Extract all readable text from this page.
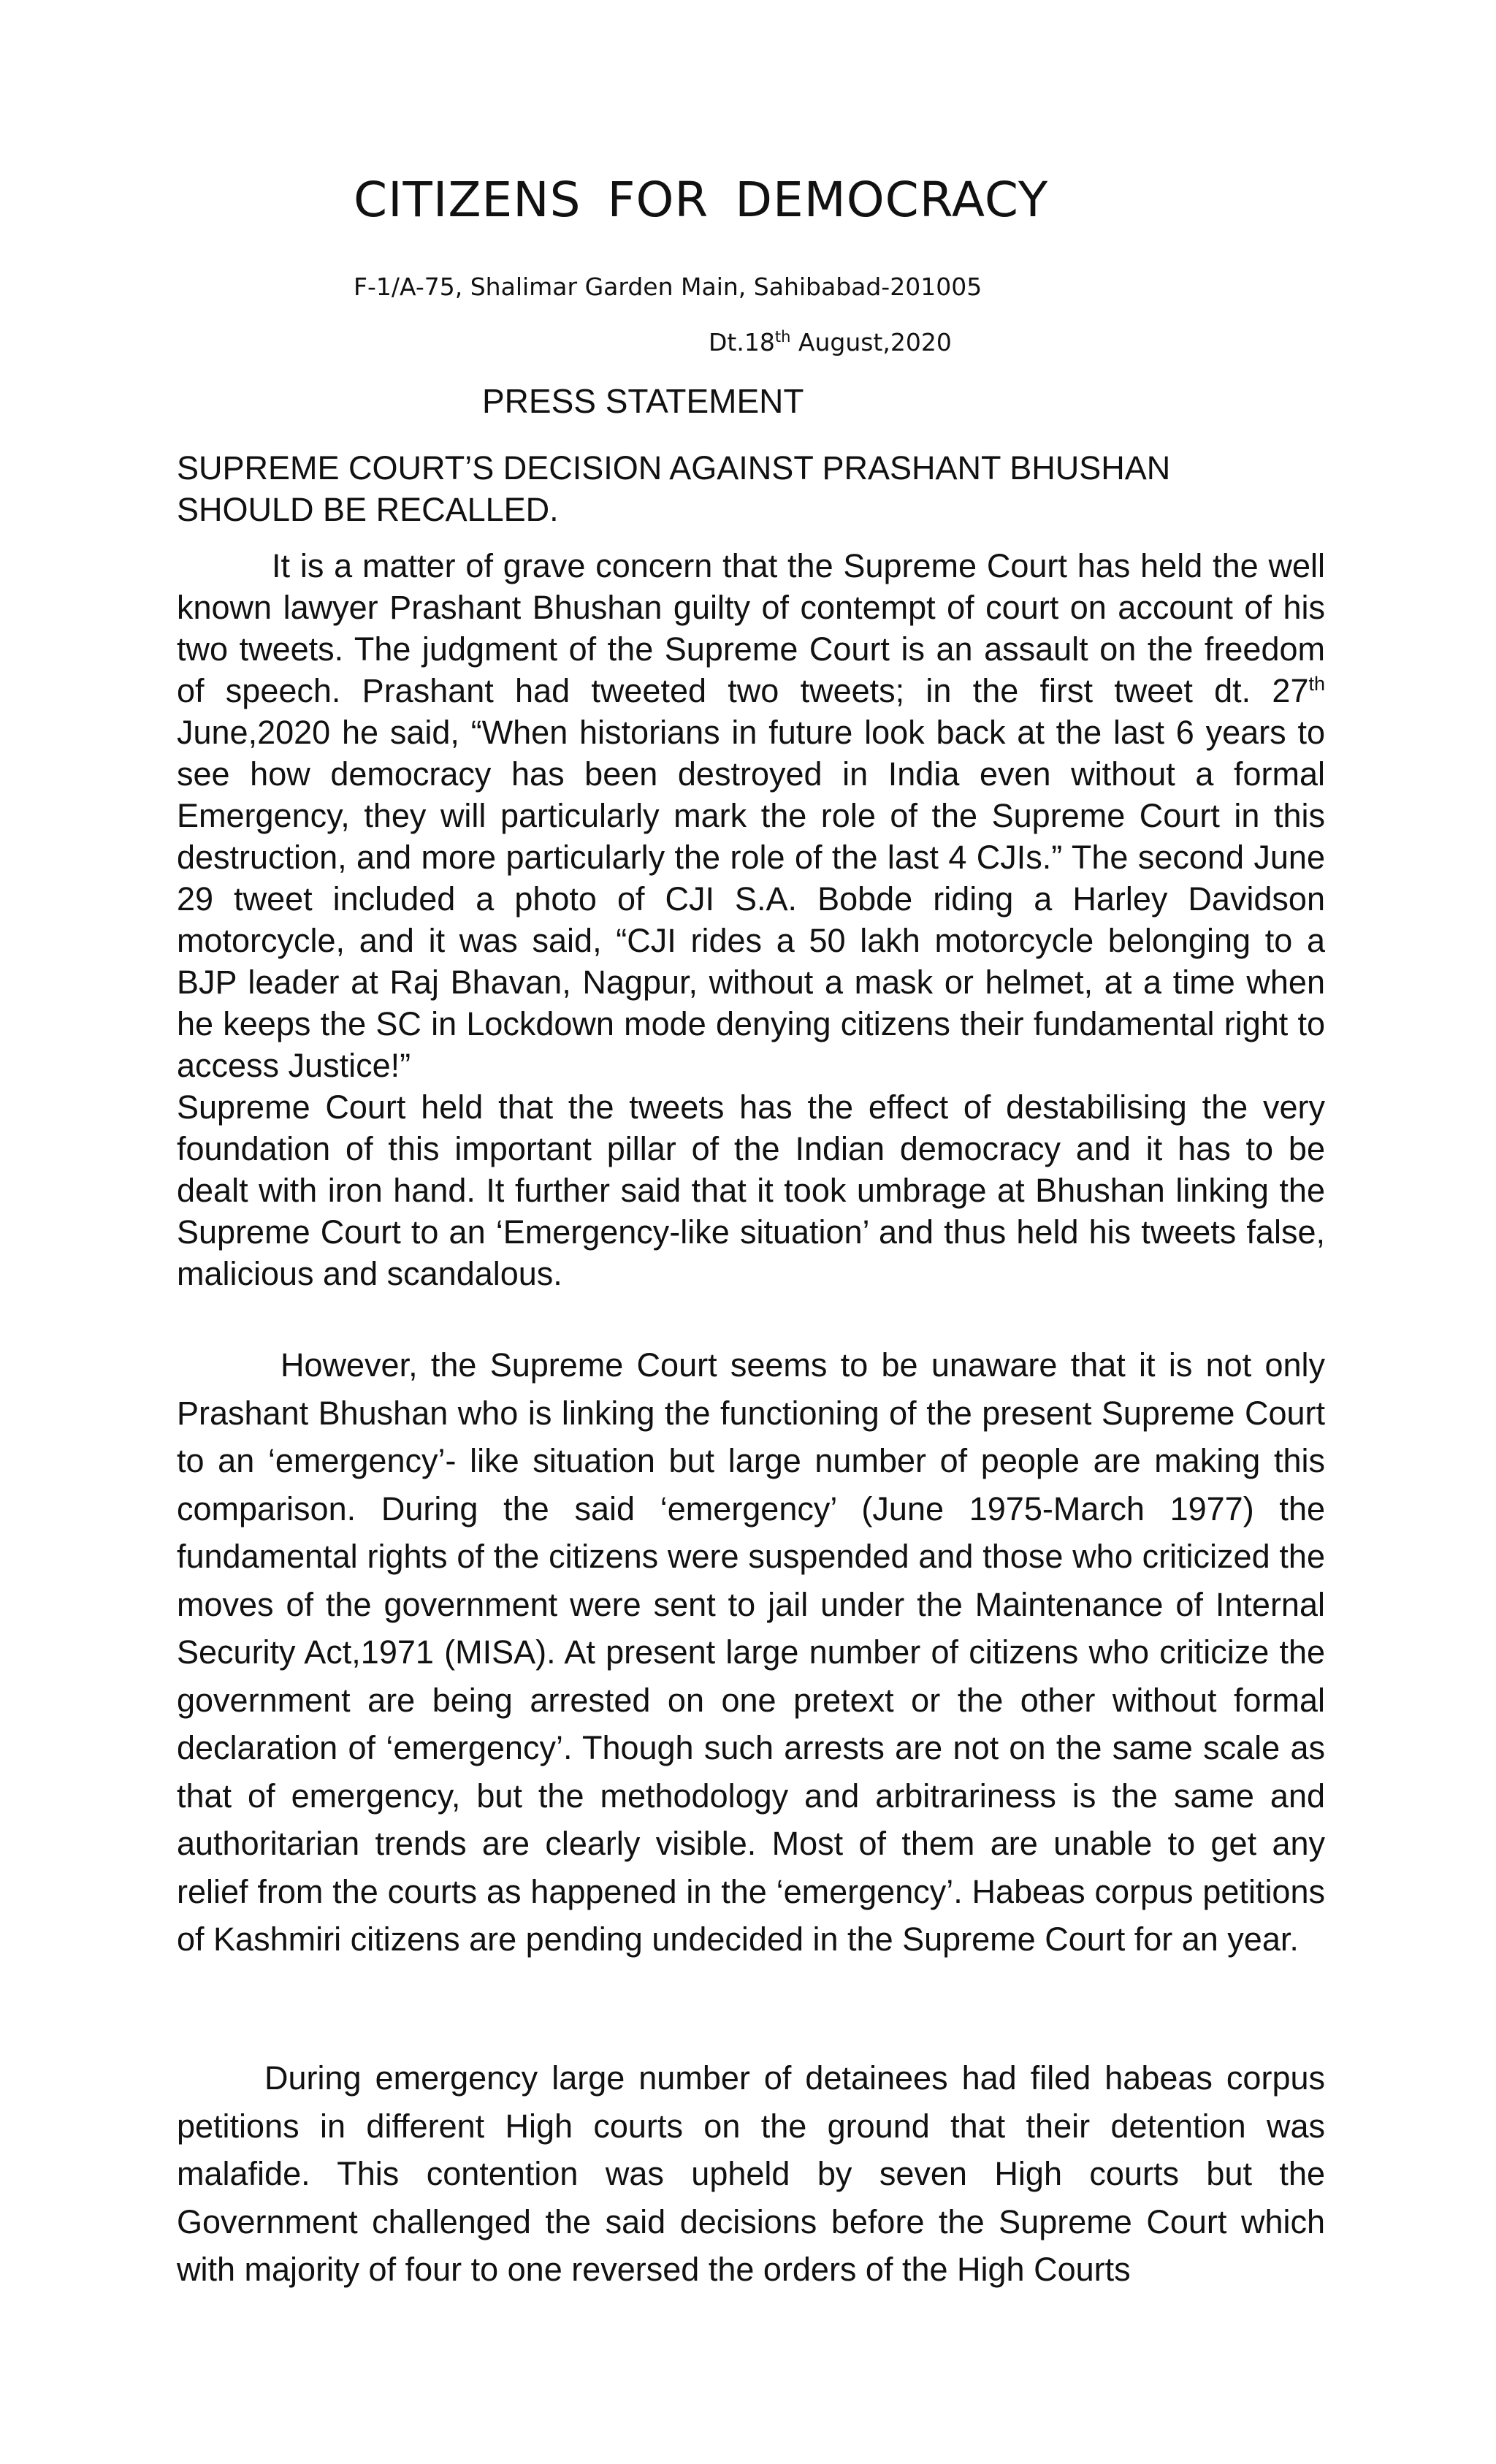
CITIZENS FOR DEMOCRACY

F-1/A-75, Shalimar Garden Main, Sahibabad-201005

Dt.18th August,2020
PRESS STATEMENT
SUPREME COURT’S DECISION AGAINST PRASHANT BHUSHAN
SHOULD BE RECALLED.

It is a matter of grave concern that the Supreme Court has held the well known lawyer Prashant Bhushan guilty of contempt of court on account of his two tweets. The judgment of the Supreme Court is an assault on the freedom of speech. Prashant had tweeted two tweets; in the first tweet dt. 27th June,2020 he said, “When historians in future look back at the last 6 years to see how democracy has been destroyed in India even without a formal Emergency, they will particularly mark the role of the Supreme Court in this destruction, and more particularly the role of the last 4 CJIs.” The second June 29 tweet included a photo of CJI S.A. Bobde riding a Harley Davidson motorcycle, and it was said, “CJI rides a 50 lakh motorcycle belonging to a BJP leader at Raj Bhavan, Nagpur, without a mask or helmet, at a time when he keeps the SC in Lockdown mode denying citizens their fundamental right to access Justice!”
Supreme Court held that the tweets has the effect of destabilising the very foundation of this important pillar of the Indian democracy and it has to be dealt with iron hand. It further said that it took umbrage at Bhushan linking the Supreme Court to an ‘Emergency-like situation’ and thus held his tweets false, malicious and scandalous.

However, the Supreme Court seems to be unaware that it is not only Prashant Bhushan who is linking the functioning of the present Supreme Court to an ‘emergency’- like situation but large number of people are making this comparison. During the said ‘emergency’ (June 1975-March 1977) the fundamental rights of the citizens were suspended and those who criticized the moves of the government were sent to jail under the Maintenance of Internal Security Act,1971 (MISA). At present large number of citizens who criticize the government are being arrested on one pretext or the other without formal declaration of ‘emergency’. Though such arrests are not on the same scale as that of emergency, but the methodology and arbitrariness is the same and authoritarian trends are clearly visible. Most of them are unable to get any relief from the courts as happened in the ‘emergency’. Habeas corpus petitions of Kashmiri citizens are pending undecided in the Supreme Court for an year.

During emergency large number of detainees had filed habeas corpus petitions in different High courts on the ground that their detention was malafide. This contention was upheld by seven High courts but the Government challenged the said decisions before the Supreme Court which with majority of four to one reversed the orders of the High Courts
